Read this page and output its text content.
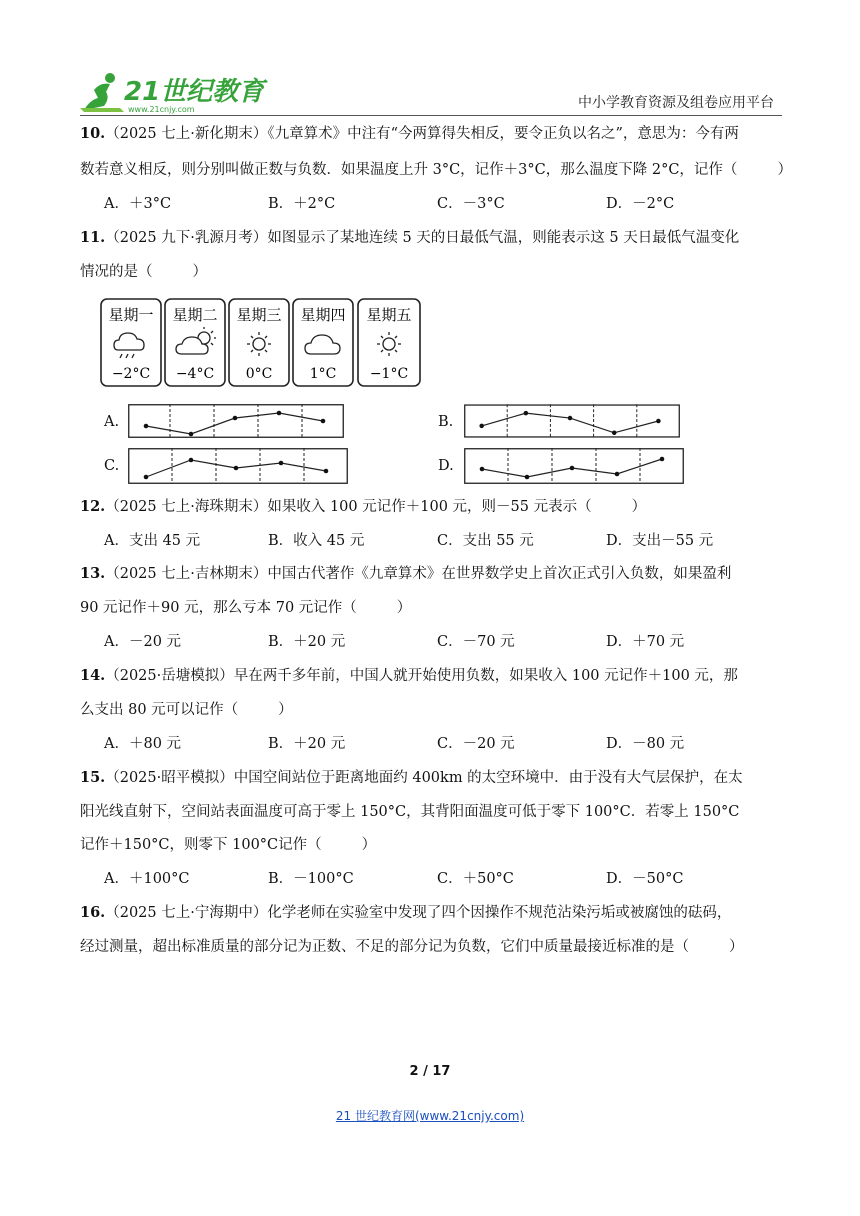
21世纪教育
www.21cnjy.com	中小学教育资源及组卷应用平台
10.（2025 七上·新化期末）《九章算术》中注有“今两算得失相反，要令正负以名之”，意思为：今有两
数若意义相反，则分别叫做正数与负数．如果温度上升 3°C，记作＋3°C，那么温度下降 2°C，记作（	）
A．＋3°C	B．＋2°C	C．－3°C	D．－2°C
11.（2025 九下·乳源月考）如图显示了某地连续 5 天的日最低气温，则能表示这 5 天日最低气温变化
情况的是（	）
星期一
−2°C
星期二
−4°C
星期三
0°C
星期四
1°C
星期五
−1°C
A.	B.
C.	D.
12.（2025 七上·海珠期末）如果收入 100 元记作＋100 元，则－55 元表示（	）
A．支出 45 元	B．收入 45 元	C．支出 55 元	D．支出－55 元
13.（2025 七上·吉林期末）中国古代著作《九章算术》在世界数学史上首次正式引入负数，如果盈利
90 元记作＋90 元，那么亏本 70 元记作（	）
A．－20 元	B．＋20 元	C．－70 元	D．＋70 元
14.（2025·岳塘模拟）早在两千多年前，中国人就开始使用负数，如果收入 100 元记作＋100 元，那
么支出 80 元可以记作（	）
A．＋80 元	B．＋20 元	C．－20 元	D．－80 元
15.（2025·昭平模拟）中国空间站位于距离地面约 400km 的太空环境中．由于没有大气层保护，在太
阳光线直射下，空间站表面温度可高于零上 150°C，其背阳面温度可低于零下 100°C．若零上 150°C
记作＋150°C，则零下 100°C记作（	）
A．＋100°C	B．－100°C	C．＋50°C	D．－50°C
16.（2025 七上·宁海期中）化学老师在实验室中发现了四个因操作不规范沾染污垢或被腐蚀的砝码，
经过测量，超出标准质量的部分记为正数、不足的部分记为负数，它们中质量最接近标准的是（	）
2 / 17
21 世纪教育网(www.21cnjy.com)
